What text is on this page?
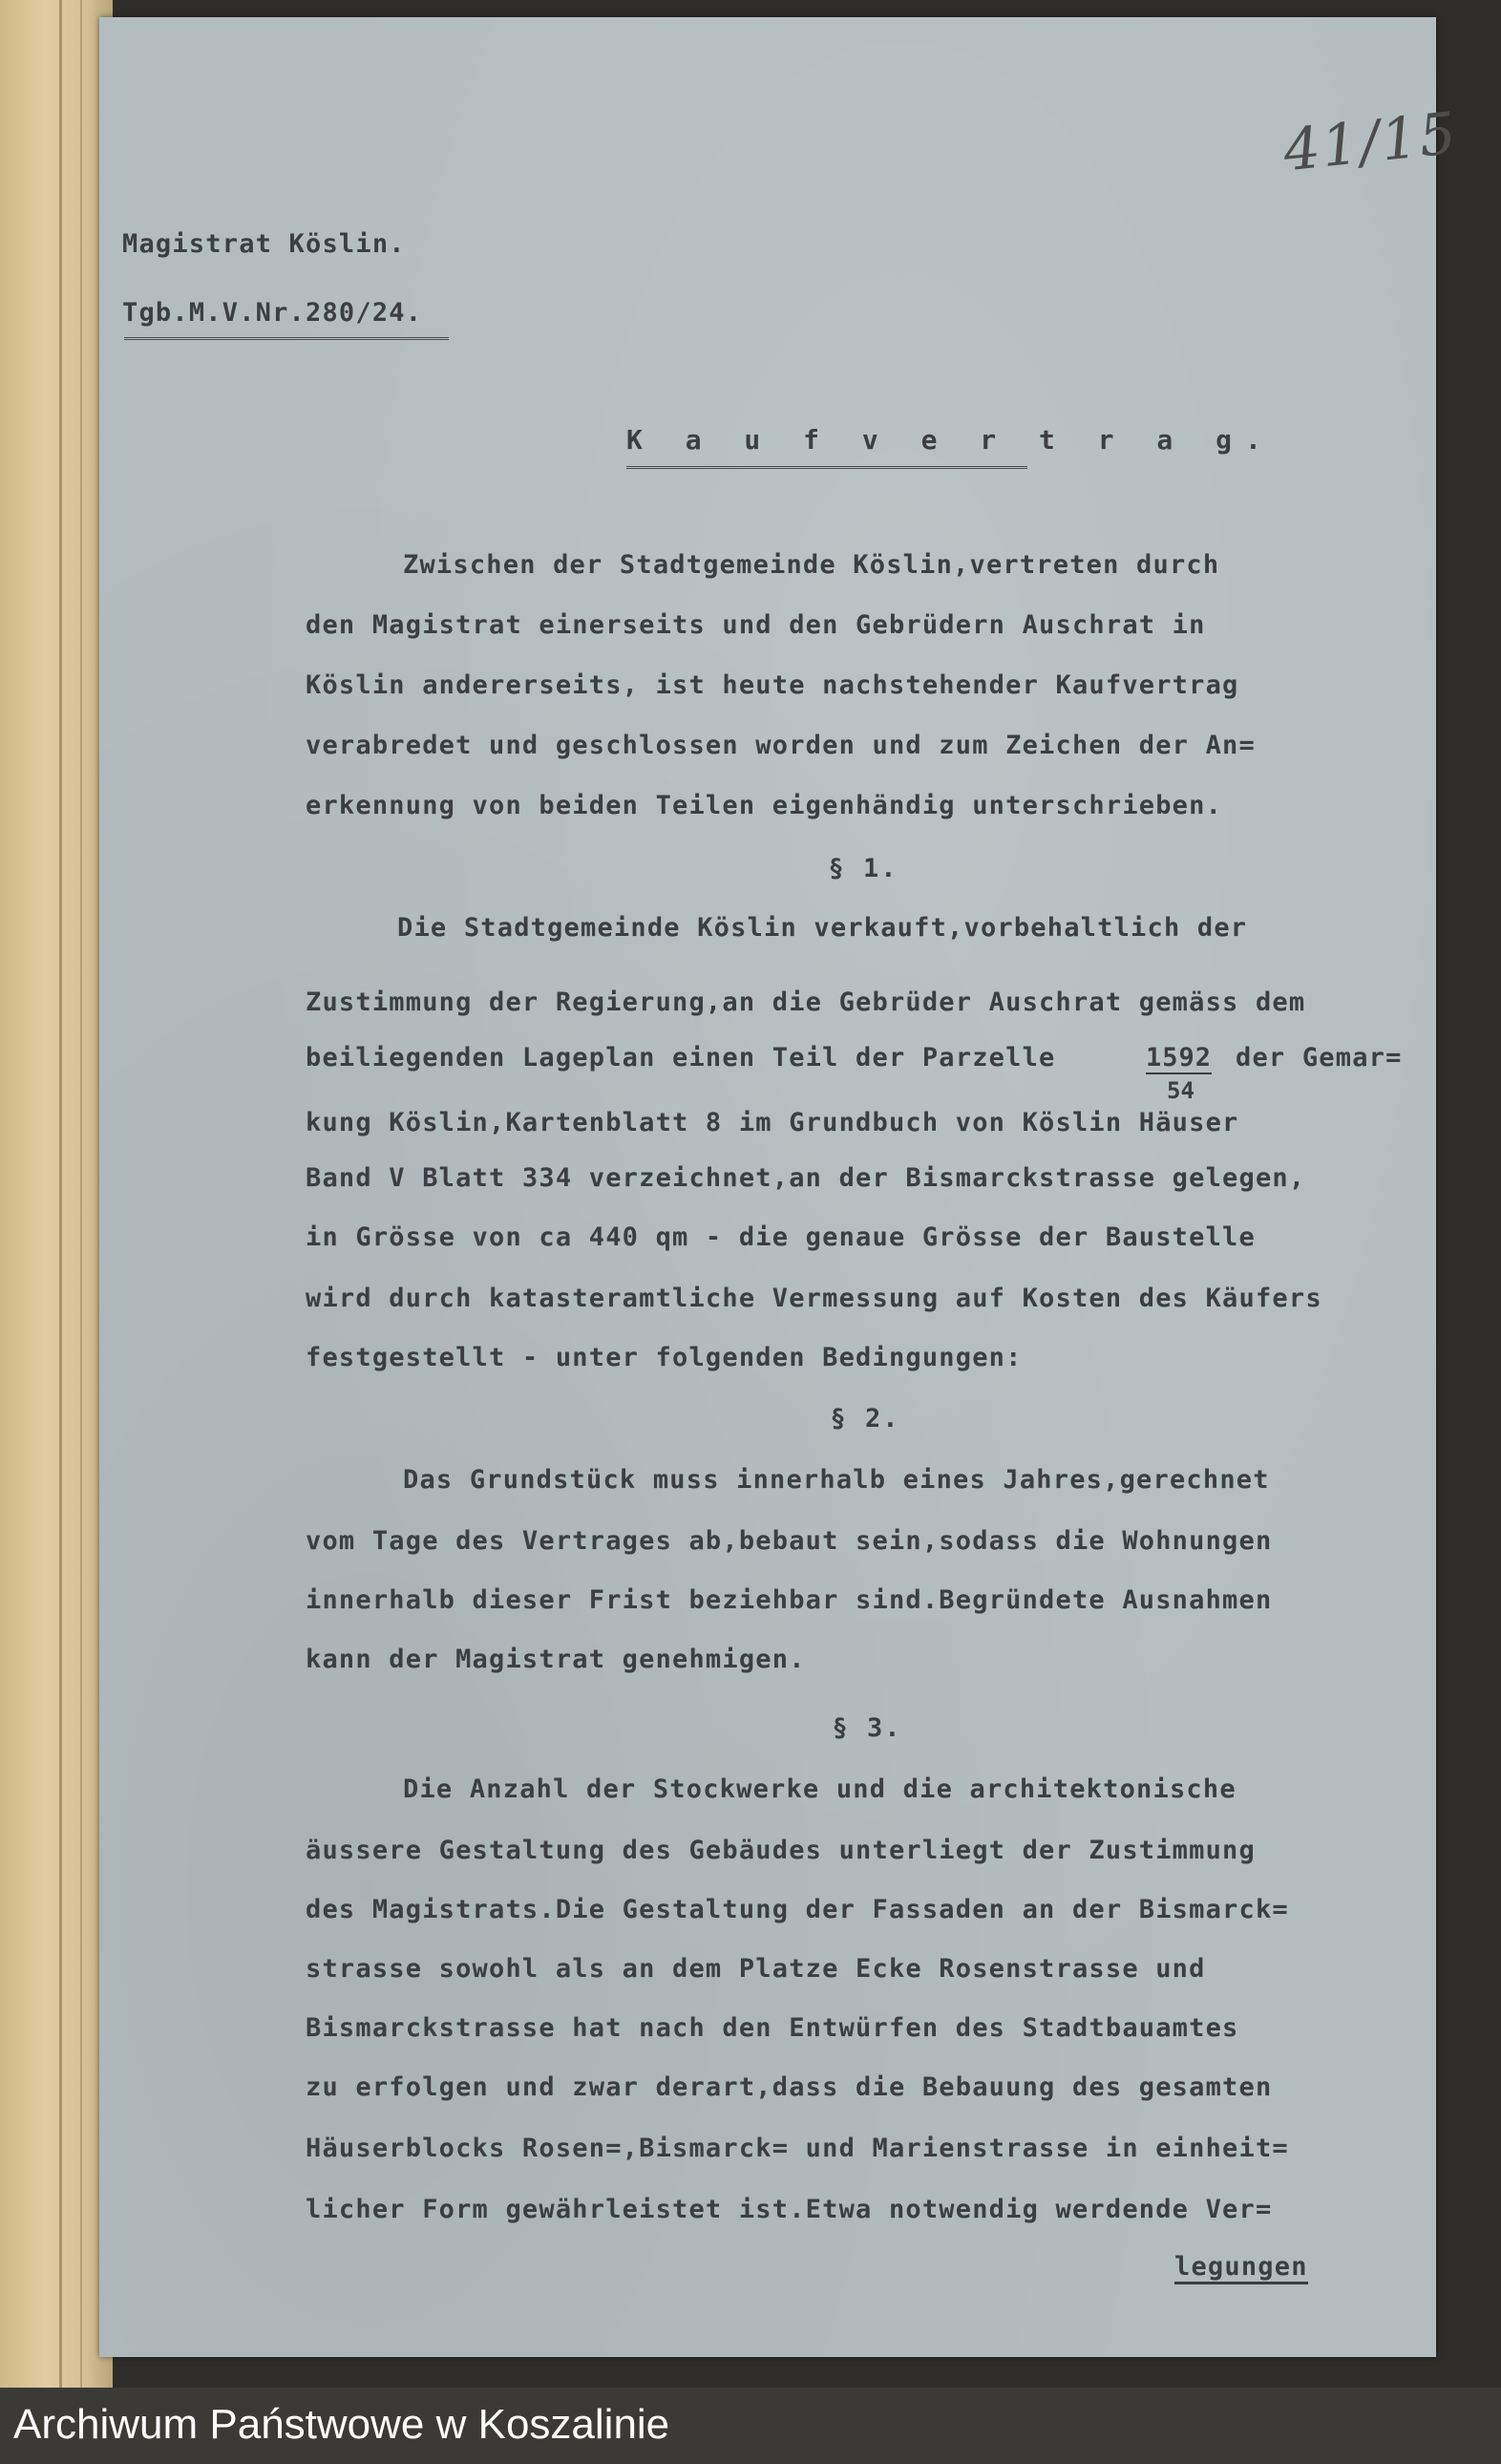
41/15
Magistrat Köslin.
Tgb.M.V.Nr.280/24.
K a u f v e r t r a g.
Zwischen der Stadtgemeinde Köslin,vertreten durch
den Magistrat einerseits und den Gebrüdern Auschrat in
Köslin andererseits, ist heute nachstehender Kaufvertrag
verabredet und geschlossen worden und zum Zeichen der An=
erkennung von beiden Teilen eigenhändig unterschrieben.
§ 1.
Die Stadtgemeinde Köslin verkauft,vorbehaltlich der
Zustimmung der Regierung,an die Gebrüder Auschrat gemäss dem
beiliegenden Lageplan einen Teil der Parzelle	1592
54
der Gemar=
kung Köslin,Kartenblatt 8 im Grundbuch von Köslin Häuser
Band V Blatt 334 verzeichnet,an der Bismarckstrasse gelegen,
in Grösse von ca 440 qm - die genaue Grösse der Baustelle
wird durch katasteramtliche Vermessung auf Kosten des Käufers
festgestellt - unter folgenden Bedingungen:
§ 2.
Das Grundstück muss innerhalb eines Jahres,gerechnet
vom Tage des Vertrages ab,bebaut sein,sodass die Wohnungen
innerhalb dieser Frist beziehbar sind.Begründete Ausnahmen
kann der Magistrat genehmigen.
§ 3.
Die Anzahl der Stockwerke und die architektonische
äussere Gestaltung des Gebäudes unterliegt der Zustimmung
des Magistrats.Die Gestaltung der Fassaden an der Bismarck=
strasse sowohl als an dem Platze Ecke Rosenstrasse und
Bismarckstrasse hat nach den Entwürfen des Stadtbauamtes
zu erfolgen und zwar derart,dass die Bebauung des gesamten
Häuserblocks Rosen=,Bismarck= und Marienstrasse in einheit=
licher Form gewährleistet ist.Etwa notwendig werdende Ver=
legungen
Archiwum Państwowe w Koszalinie
